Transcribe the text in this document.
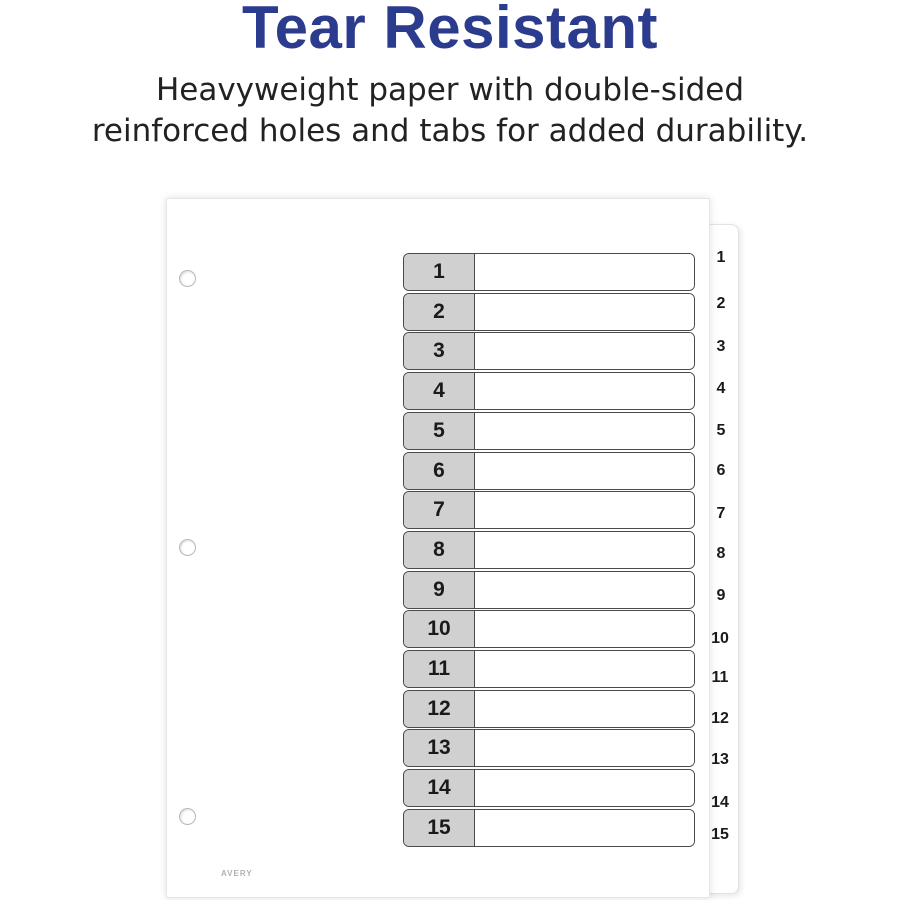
Tear Resistant
Heavyweight paper with double-sided
reinforced holes and tabs for added durability.
1
2
3
4
5
6
7
8
9
10
11
12
13
14
15
AVERY
1
2
3
4
5
6
7
8
9
10
11
12
13
14
15
